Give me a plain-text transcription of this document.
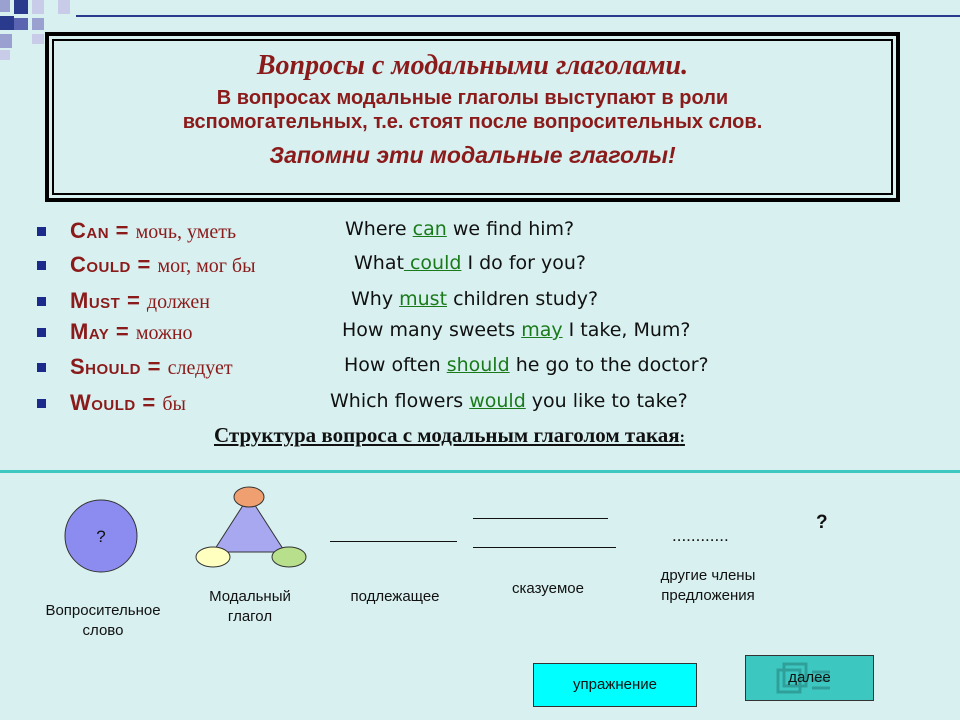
Вопросы с модальными глаголами.
В вопросах модальные глаголы выступают в роли
вспомогательных, т.е. стоят после вопросительных слов.
Запомни эти модальные глаголы!
Can = мочь, уметь	Where can we find him?
Could = мог, мог бы	What could I do for you?
Must = должен	Why must children study?
May = можно	How many sweets may I take, Mum?
Should = следует	How often should he go to the doctor?
Would = бы	Which flowers would you like to take?
Структура вопроса с модальным глаголом такая:
?	............
?
Вопросительное слово
Модальный глагол
подлежащее	сказуемое
другие члены предложения
упражнение	далее
